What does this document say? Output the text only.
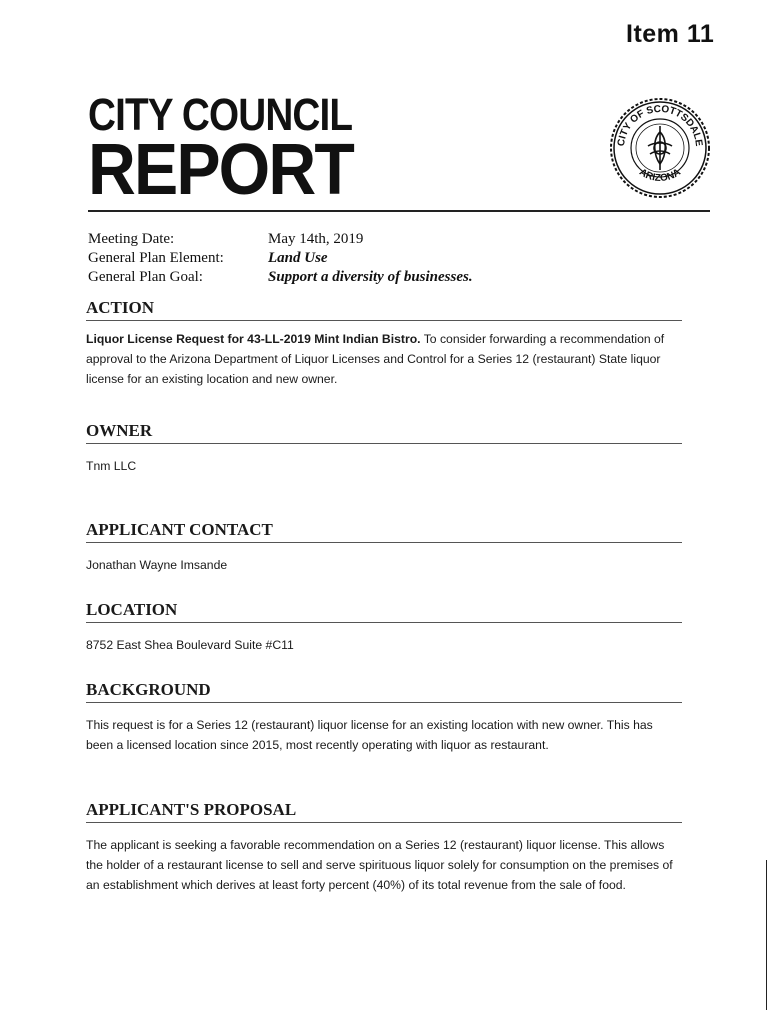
Item 11
CITY COUNCIL
REPORT	CITY OF SCOTTSDALE
ARIZONA
Meeting Date:	May 14th, 2019
General Plan Element:	Land Use
General Plan Goal:	Support a diversity of businesses.
ACTION

Liquor License Request for 43-LL-2019 Mint Indian Bistro. To consider forwarding a recommendation of approval to the Arizona Department of Liquor Licenses and Control for a Series 12 (restaurant) State liquor license for an existing location and new owner.

OWNER

Tnm LLC

APPLICANT CONTACT

Jonathan Wayne Imsande

LOCATION

8752 East Shea Boulevard Suite #C11

BACKGROUND

This request is for a Series 12 (restaurant) liquor license for an existing location with new owner. This has been a licensed location since 2015, most recently operating with liquor as restaurant.

APPLICANT'S PROPOSAL

The applicant is seeking a favorable recommendation on a Series 12 (restaurant) liquor license. This allows the holder of a restaurant license to sell and serve spirituous liquor solely for consumption on the premises of an establishment which derives at least forty percent (40%) of its total revenue from the sale of food.
